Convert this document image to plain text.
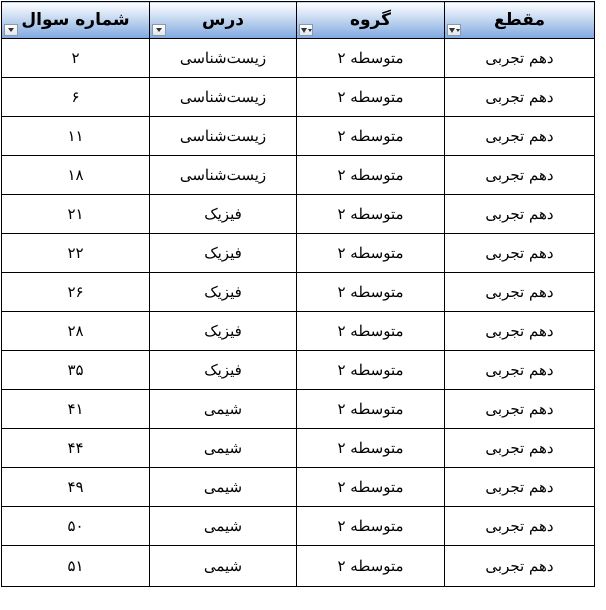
شماره سوال	درس	گروه	مقطع

۲	زیست‌شناسی	متوسطه ۲	دهم تجربی
۶	زیست‌شناسی	متوسطه ۲	دهم تجربی
۱۱	زیست‌شناسی	متوسطه ۲	دهم تجربی
۱۸	زیست‌شناسی	متوسطه ۲	دهم تجربی
۲۱	فیزیک	متوسطه ۲	دهم تجربی
۲۲	فیزیک	متوسطه ۲	دهم تجربی
۲۶	فیزیک	متوسطه ۲	دهم تجربی
۲۸	فیزیک	متوسطه ۲	دهم تجربی
۳۵	فیزیک	متوسطه ۲	دهم تجربی
۴۱	شیمی	متوسطه ۲	دهم تجربی
۴۴	شیمی	متوسطه ۲	دهم تجربی
۴۹	شیمی	متوسطه ۲	دهم تجربی
۵۰	شیمی	متوسطه ۲	دهم تجربی
۵۱	شیمی	متوسطه ۲	دهم تجربی
